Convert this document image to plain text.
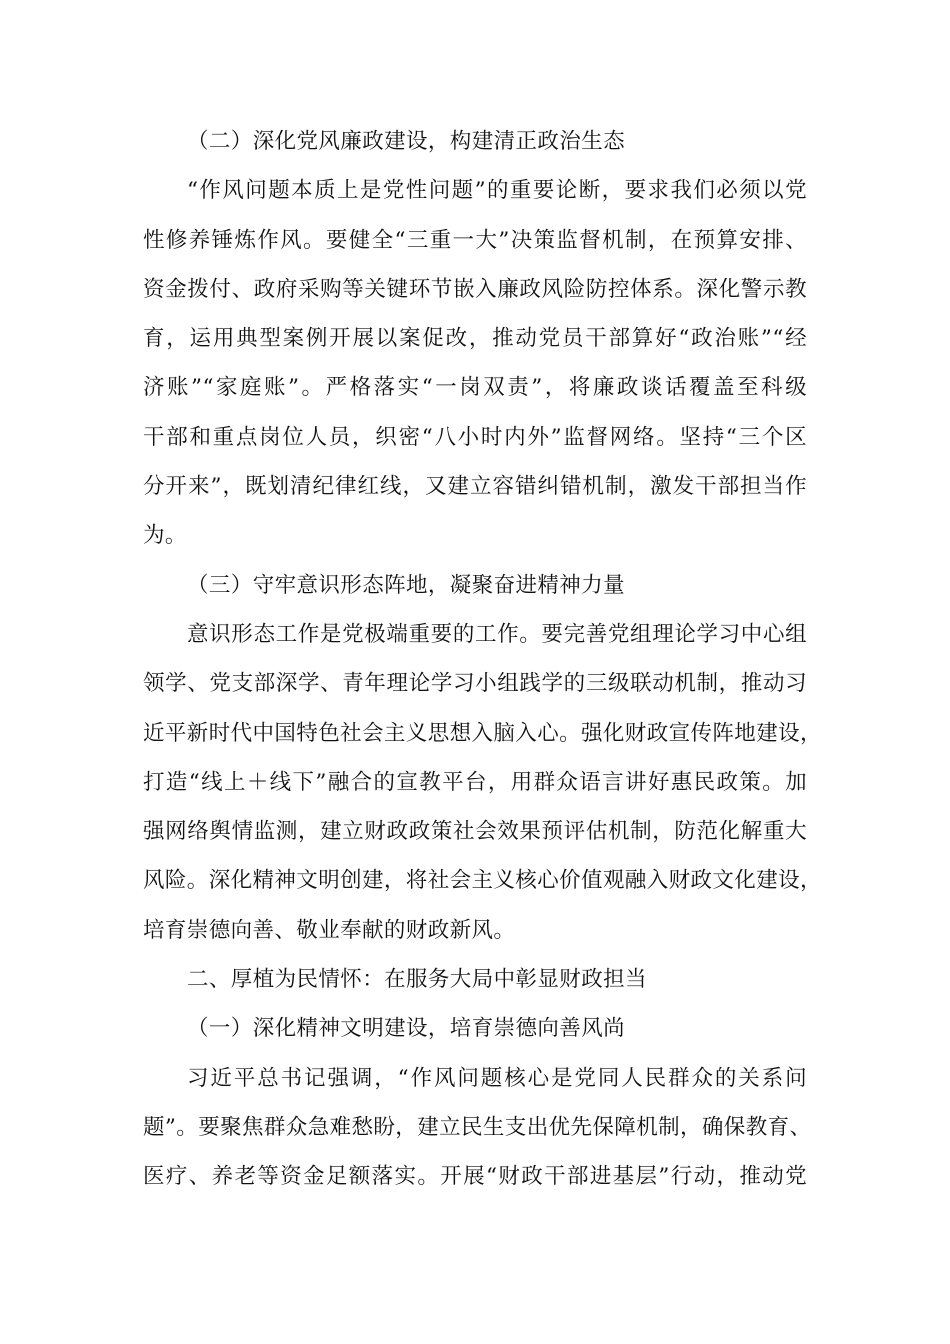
（二）深化党风廉政建设，构建清正政治生态
“作风问题本质上是党性问题”的重要论断，要求我们必须以党
性修养锤炼作风。要健全“三重一大”决策监督机制，在预算安排、
资金拨付、政府采购等关键环节嵌入廉政风险防控体系。深化警示教
育，运用典型案例开展以案促改，推动党员干部算好“政治账”“经
济账”“家庭账”。严格落实“一岗双责”，将廉政谈话覆盖至科级
干部和重点岗位人员，织密“八小时内外”监督网络。坚持“三个区
分开来”，既划清纪律红线，又建立容错纠错机制，激发干部担当作
为。
（三）守牢意识形态阵地，凝聚奋进精神力量
意识形态工作是党极端重要的工作。要完善党组理论学习中心组
领学、党支部深学、青年理论学习小组践学的三级联动机制，推动习
近平新时代中国特色社会主义思想入脑入心。强化财政宣传阵地建设，
打造“线上＋线下”融合的宣教平台，用群众语言讲好惠民政策。加
强网络舆情监测，建立财政政策社会效果预评估机制，防范化解重大
风险。深化精神文明创建，将社会主义核心价值观融入财政文化建设，
培育崇德向善、敬业奉献的财政新风。
二、厚植为民情怀：在服务大局中彰显财政担当
（一）深化精神文明建设，培育崇德向善风尚
习近平总书记强调，“作风问题核心是党同人民群众的关系问
题”。要聚焦群众急难愁盼，建立民生支出优先保障机制，确保教育、
医疗、养老等资金足额落实。开展“财政干部进基层”行动，推动党
